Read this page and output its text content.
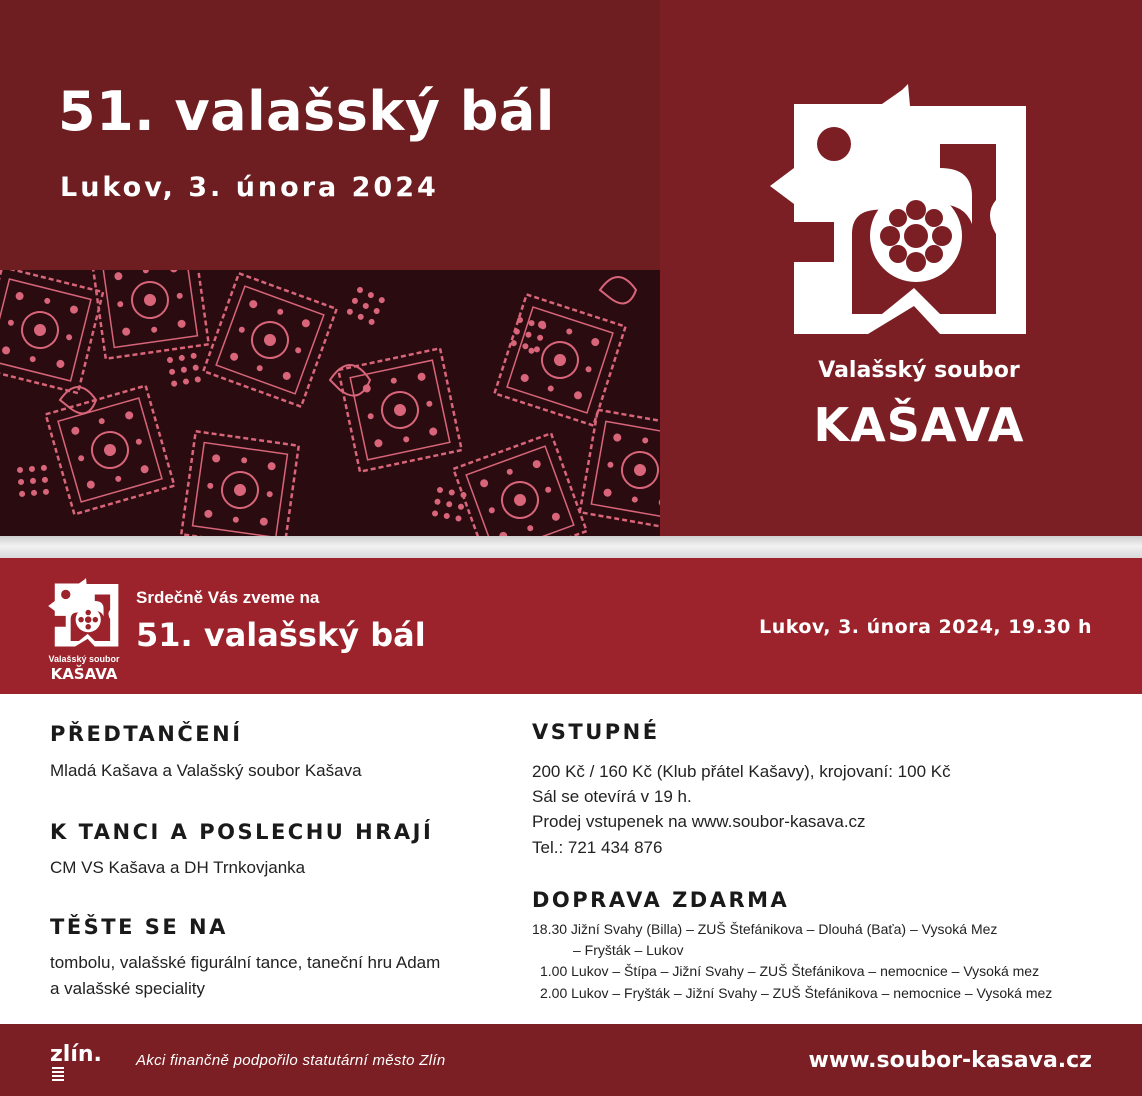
51. valašský bál
Lukov, 3. února 2024
Valašský soubor
KAŠAVA
Valašský soubor
KAŠAVA
Srdečně Vás zveme na
51. valašský bál	Lukov, 3. února 2024, 19.30 h
PŘEDTANČENÍ
Mladá Kašava a Valašský soubor Kašava
K TANCI A POSLECHU HRAJÍ
CM VS Kašava a DH Trnkovjanka
TĚŠTE SE NA
tombolu, valašské figurální tance, taneční hru Adam
a valašské speciality
VSTUPNÉ
200 Kč / 160 Kč (Klub přátel Kašavy), krojovaní: 100 Kč
Sál se otevírá v 19 h.
Prodej vstupenek na www.soubor-kasava.cz
Tel.: 721 434 876
DOPRAVA ZDARMA
18.30 Jižní Svahy (Billa) – ZUŠ Štefánikova – Dlouhá (Baťa) – Vysoká Mez
– Fryšták – Lukov
1.00 Lukov – Štípa – Jižní Svahy – ZUŠ Štefánikova – nemocnice – Vysoká mez
2.00 Lukov – Fryšták – Jižní Svahy – ZUŠ Štefánikova – nemocnice – Vysoká mez
zlín. Akci finančně podpořilo statutární město Zlín	www.soubor-kasava.cz
